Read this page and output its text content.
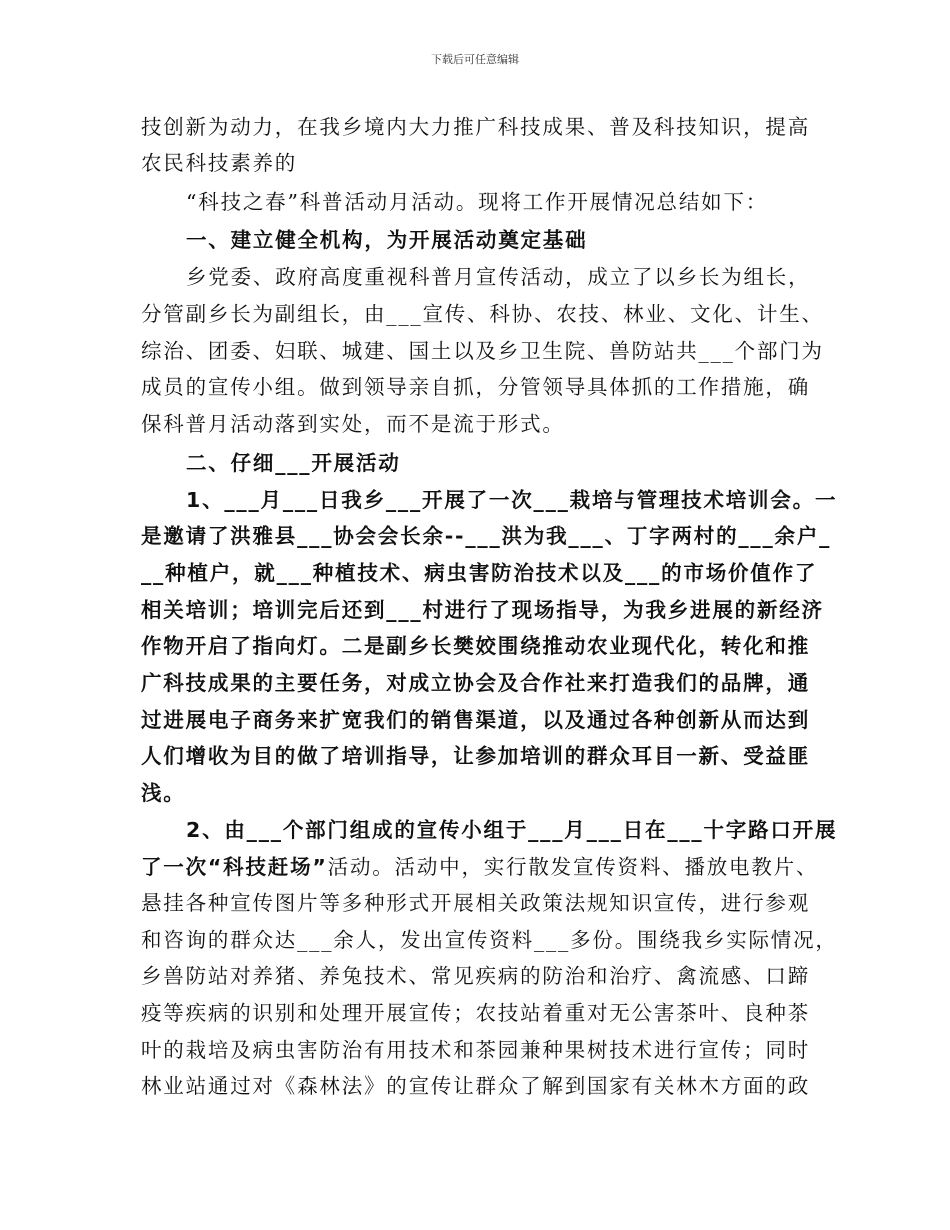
下载后可任意编辑
技创新为动力，在我乡境内大力推广科技成果、普及科技知识，提高
农民科技素养的
“科技之春”科普活动月活动。现将工作开展情况总结如下：
一、建立健全机构，为开展活动奠定基础
乡党委、政府高度重视科普月宣传活动，成立了以乡长为组长，
分管副乡长为副组长，由___宣传、科协、农技、林业、文化、计生、
综治、团委、妇联、城建、国土以及乡卫生院、兽防站共___个部门为
成员的宣传小组。做到领导亲自抓，分管领导具体抓的工作措施，确
保科普月活动落到实处，而不是流于形式。
二、仔细___开展活动
1、___月___日我乡___开展了一次___栽培与管理技术培训会。一
是邀请了洪雅县___协会会长余--___洪为我___、丁字两村的___余户_
__种植户，就___种植技术、病虫害防治技术以及___的市场价值作了
相关培训；培训完后还到___村进行了现场指导，为我乡进展的新经济
作物开启了指向灯。二是副乡长樊姣围绕推动农业现代化，转化和推
广科技成果的主要任务，对成立协会及合作社来打造我们的品牌，通
过进展电子商务来扩宽我们的销售渠道，以及通过各种创新从而达到
人们增收为目的做了培训指导，让参加培训的群众耳目一新、受益匪
浅。
2、由___个部门组成的宣传小组于___月___日在___十字路口开展
了一次“科技赶场”活动。活动中，实行散发宣传资料、播放电教片、
悬挂各种宣传图片等多种形式开展相关政策法规知识宣传，进行参观
和咨询的群众达___余人，发出宣传资料___多份。围绕我乡实际情况，
乡兽防站对养猪、养兔技术、常见疾病的防治和治疗、禽流感、口蹄
疫等疾病的识别和处理开展宣传；农技站着重对无公害茶叶、良种茶
叶的栽培及病虫害防治有用技术和茶园兼种果树技术进行宣传；同时
林业站通过对《森林法》的宣传让群众了解到国家有关林木方面的政
